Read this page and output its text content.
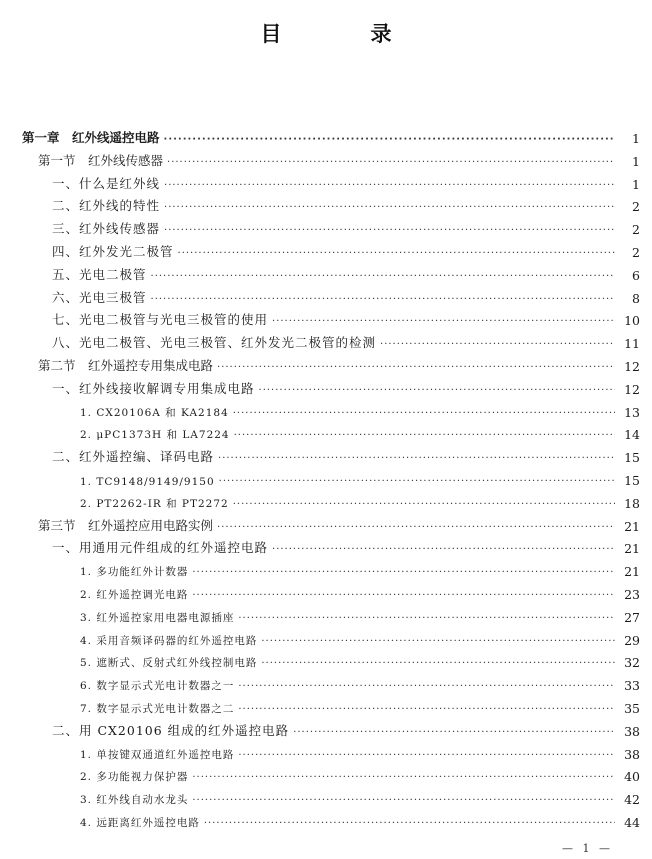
目　录
第一章　红外线遥控电路 ·····	1
第一节　红外线传感器 ·····	1
一、什么是红外线 ·····	1
二、红外线的特性 ·····	2
三、红外线传感器 ·····	2
四、红外发光二极管 ·····	2
五、光电二极管 ·····	6
六、光电三极管 ·····	8
七、光电二极管与光电三极管的使用 ·····	10
八、光电二极管、光电三极管、红外发光二极管的检测 ·····	11
第二节　红外遥控专用集成电路 ·····	12
一、红外线接收解调专用集成电路 ·····	12
1. CX20106A 和 KA2184 ·····	13
2. μPC1373H 和 LA7224 ·····	14
二、红外遥控编、译码电路 ·····	15
1. TC9148/9149/9150 ·····	15
2. PT2262-IR 和 PT2272 ·····	18
第三节　红外遥控应用电路实例 ·····	21
一、用通用元件组成的红外遥控电路 ·····	21
1. 多功能红外计数器 ·····	21
2. 红外遥控调光电路 ·····	23
3. 红外遥控家用电器电源插座 ·····	27
4. 采用音频译码器的红外遥控电路 ·····	29
5. 遮断式、反射式红外线控制电路 ·····	32
6. 数字显示式光电计数器之一 ·····	33
7. 数字显示式光电计数器之二 ·····	35
二、用 CX20106 组成的红外遥控电路 ·····	38
1. 单按键双通道红外遥控电路 ·····	38
2. 多功能视力保护器 ·····	40
3. 红外线自动水龙头 ·····	42
4. 远距离红外遥控电路 ·····	44
— 1 —
